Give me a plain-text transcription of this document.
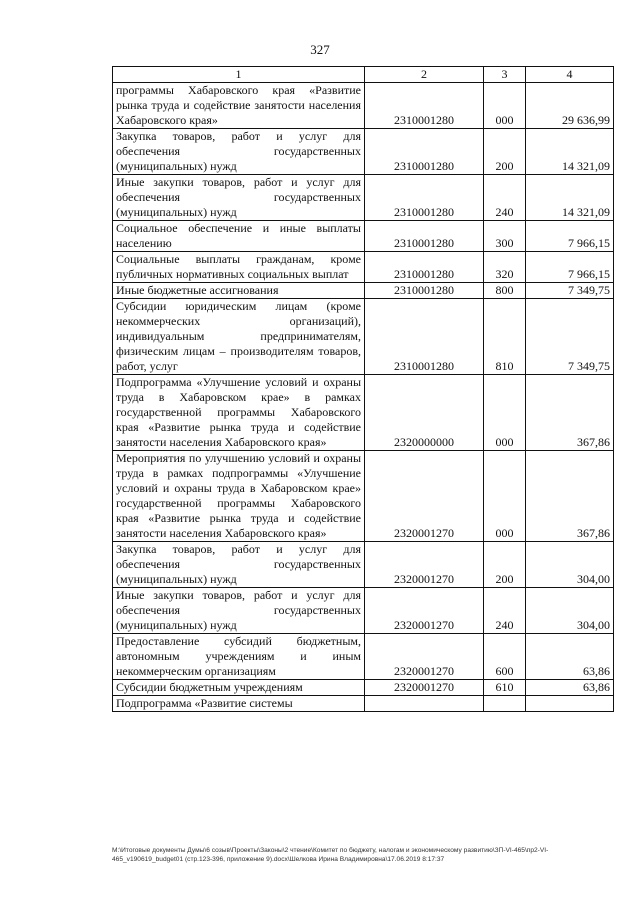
327
1	2	3	4
программы Хабаровского края «Развитие рынка труда и содействие занятости населения Хабаровского края»	2310001280	000	29 636,99
Закупка товаров, работ и услуг для обеспечения государственных (муниципальных) нужд	2310001280	200	14 321,09
Иные закупки товаров, работ и услуг для обеспечения государственных (муниципальных) нужд	2310001280	240	14 321,09
Социальное обеспечение и иные выплаты населению	2310001280	300	7 966,15
Социальные выплаты гражданам, кроме публичных нормативных социальных выплат	2310001280	320	7 966,15
Иные бюджетные ассигнования	2310001280	800	7 349,75
Субсидии юридическим лицам (кроме некоммерческих организаций), индивидуальным предпринимателям, физическим лицам – производителям товаров, работ, услуг	2310001280	810	7 349,75
Подпрограмма «Улучшение условий и охраны труда в Хабаровском крае» в рамках государственной программы Хабаровского края «Развитие рынка труда и содействие занятости населения Хабаровского края»	2320000000	000	367,86
Мероприятия по улучшению условий и охраны труда в рамках подпрограммы «Улучшение условий и охраны труда в Хабаровском крае» государственной программы Хабаровского края «Развитие рынка труда и содействие занятости населения Хабаровского края»	2320001270	000	367,86
Закупка товаров, работ и услуг для обеспечения государственных (муниципальных) нужд	2320001270	200	304,00
Иные закупки товаров, работ и услуг для обеспечения государственных (муниципальных) нужд	2320001270	240	304,00
Предоставление субсидий бюджетным, автономным учреждениям и иным некоммерческим организациям	2320001270	600	63,86
Субсидии бюджетным учреждениям	2320001270	610	63,86
Подпрограмма «Развитие системы			
M:\Итоговые документы Думы\6 созыв\Проекты\Законы\2 чтение\Комитет по бюджету, налогам и экономическому развитию\ЗП-VI-465\пр2-VI-465_v190619_budget01 (стр.123-396, приложение 9).docx\Шелкова Ирина Владимировна\17.06.2019 8:17:37
